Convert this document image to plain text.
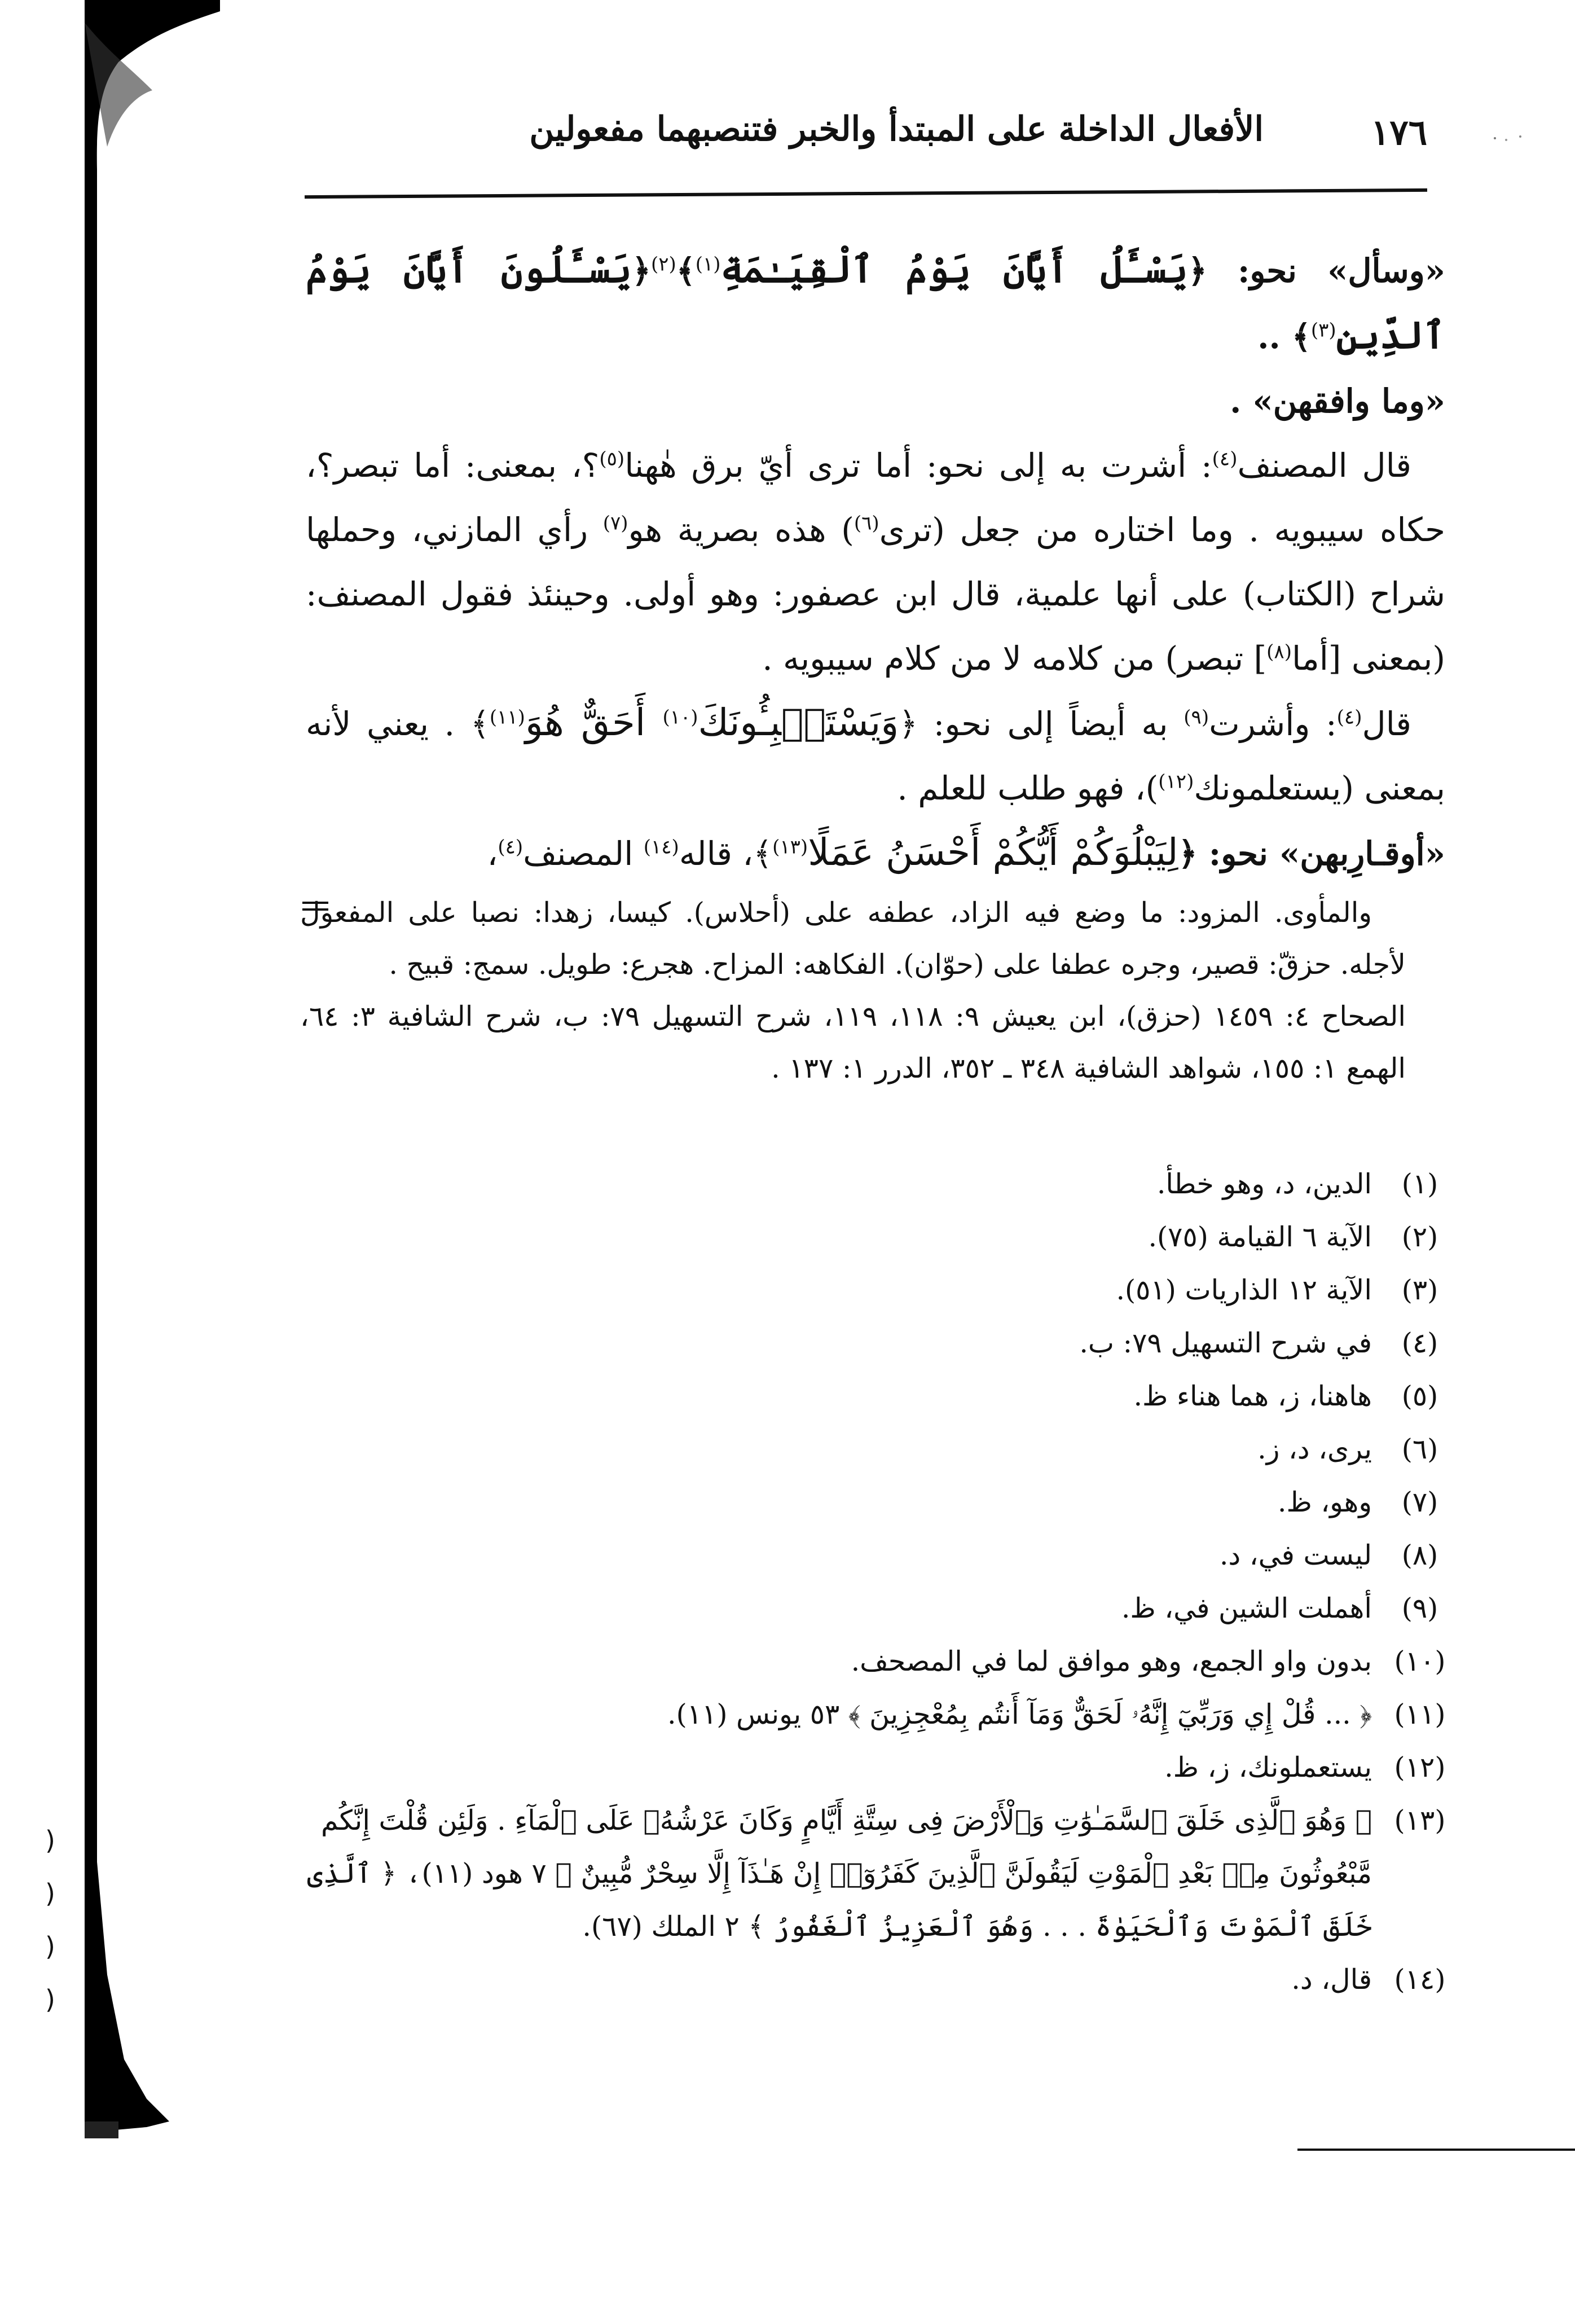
١٧٦
الأفعال الداخلة على المبتدأ والخبر فتنصبهما مفعولين

«وسأل» نحو: ﴿يَسْـَٔلُ أَيَّانَ يَوْمُ ٱلْقِيَـٰمَةِ$^{(١)}$﴾$^{(٢)}$﴿يَسْـَٔلُونَ أَيَّانَ يَوْمُ ٱلدِّينِ$^{(٣)}$﴾ ..

«وما وافقهن» .

قال المصنف$^{(٤)}$: أشرت به إلى نحو: أما ترى أيّ برق هٰهنا$^{(٥)}$؟، بمعنى: أما تبصر؟، حكاه سيبويه . وما اختاره من جعل (ترى$^{(٦)}$) هذه بصرية هو$^{(٧)}$ رأي المازني، وحملها شراح (الكتاب) على أنها علمية، قال ابن عصفور: وهو أولى. وحينئذ فقول المصنف: (بمعنى [أما$^{(٨)}$] تبصر) من كلامه لا من كلام سيبويه .

قال$^{(٤)}$: وأشرت$^{(٩)}$ به أيضاً إلى نحو: ﴿وَيَسْتَنۢبِـُٔونَكَ$^{(١٠)}$ أَحَقٌّ هُوَ$^{(١١)}$﴾ . يعني لأنه بمعنى (يستعلمونك$^{(١٢)}$)، فهو طلب للعلم .

«أوقـارِبهن» نحو: ﴿لِيَبْلُوَكُمْ أَيُّكُمْ أَحْسَنُ عَمَلًا$^{(١٣)}$﴾، قاله$^{(١٤)}$ المصنف$^{(٤)}$،

والمأوى. المزود: ما وضع فيه الزاد، عطفه على (أحلاس). كيسا، زهدا: نصبا على المفعول لأجله. حزقّ: قصير، وجره عطفا على (حوّان). الفكاهه: المزاح. هجرع: طويل. سمج: قبيح .

الصحاح ٤: ١٤٥٩ (حزق)، ابن يعيش ٩: ١١٨، ١١٩، شرح التسهيل ٧٩: ب، شرح الشافية ٣: ٦٤، الهمع ١: ١٥٥، شواهد الشافية ٣٤٨ ـ ٣٥٢، الدرر ١: ١٣٧ .

(١)
الدين، د، وهو خطأ.
(٢)
الآية ٦ القيامة (٧٥).
(٣)
الآية ١٢ الذاريات (٥١).
(٤)
في شرح التسهيل ٧٩: ب.
(٥)
هاهنا، ز، هما هناء ظ.
(٦)
يرى، د، ز.
(٧)
وهو، ظ.
(٨)
ليست في، د.
(٩)
أهملت الشين في، ظ.
(١٠)
بدون واو الجمع، وهو موافق لما في المصحف.
(١١)
﴿ ... قُلْ إِي وَرَبِّيٓ إِنَّهُۥ لَحَقٌّ وَمَآ أَنتُم بِمُعْجِزِينَ ﴾ ٥٣ يونس (١١).
(١٢)
يستعملونك، ز، ظ.
(١٣)
﴿ وَهُوَ ٱلَّذِى خَلَقَ ٱلسَّمَـٰوَٰتِ وَٱلْأَرْضَ فِى سِتَّةِ أَيَّامٍ وَكَانَ عَرْشُهُۥ عَلَى ٱلْمَآءِ . وَلَئِن قُلْتَ إِنَّكُم مَّبْعُوثُونَ مِنۢ بَعْدِ ٱلْمَوْتِ لَيَقُولَنَّ ٱلَّذِينَ كَفَرُوٓا۟ إِنْ هَـٰذَآ إِلَّا سِحْرٌ مُّبِينٌ ﴾ ٧ هود (١١)، ﴿ ٱلَّذِى خَلَقَ ٱلْمَوْتَ وَٱلْحَيَوٰةَ . . . وَهُوَ ٱلْعَزِيزُ ٱلْغَفُورُ ﴾ ٢ الملك (٦٧).
(١٤)
قال، د.
)
)
)
)
